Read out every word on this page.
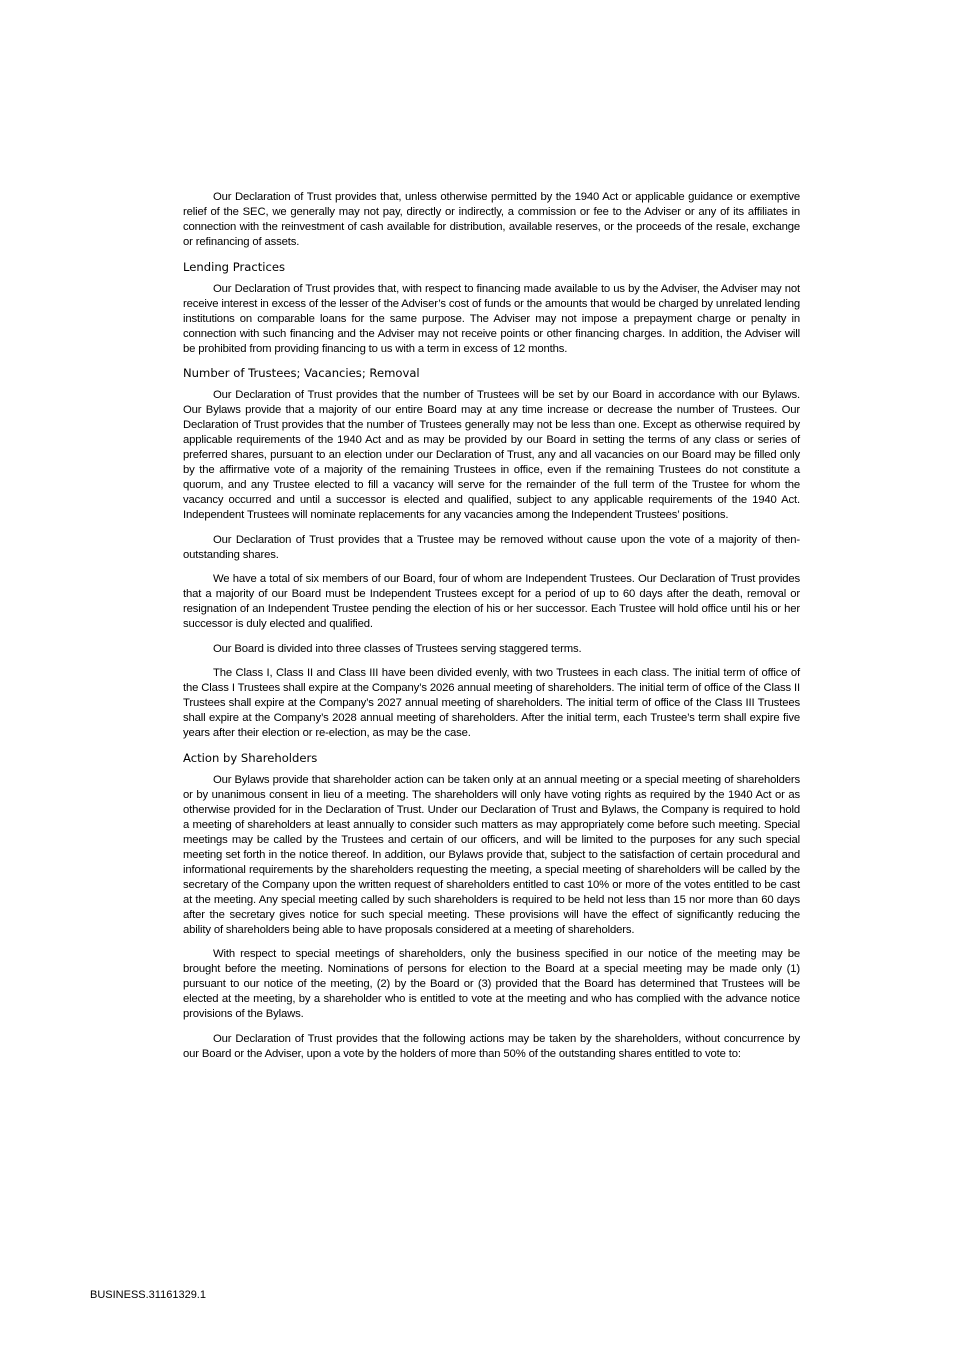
Our Declaration of Trust provides that, unless otherwise permitted by the 1940 Act or applicable guidance or exemptive relief of the SEC, we generally may not pay, directly or indirectly, a commission or fee to the Adviser or any of its affiliates in connection with the reinvestment of cash available for distribution, available reserves, or the proceeds of the resale, exchange or refinancing of assets.

Lending Practices

Our Declaration of Trust provides that, with respect to financing made available to us by the Adviser, the Adviser may not receive interest in excess of the lesser of the Adviser’s cost of funds or the amounts that would be charged by unrelated lending institutions on comparable loans for the same purpose. The Adviser may not impose a prepayment charge or penalty in connection with such financing and the Adviser may not receive points or other financing charges. In addition, the Adviser will be prohibited from providing financing to us with a term in excess of 12 months.

Number of Trustees; Vacancies; Removal

Our Declaration of Trust provides that the number of Trustees will be set by our Board in accordance with our Bylaws. Our Bylaws provide that a majority of our entire Board may at any time increase or decrease the number of Trustees. Our Declaration of Trust provides that the number of Trustees generally may not be less than one. Except as otherwise required by applicable requirements of the 1940 Act and as may be provided by our Board in setting the terms of any class or series of preferred shares, pursuant to an election under our Declaration of Trust, any and all vacancies on our Board may be filled only by the affirmative vote of a majority of the remaining Trustees in office, even if the remaining Trustees do not constitute a quorum, and any Trustee elected to fill a vacancy will serve for the remainder of the full term of the Trustee for whom the vacancy occurred and until a successor is elected and qualified, subject to any applicable requirements of the 1940 Act. Independent Trustees will nominate replacements for any vacancies among the Independent Trustees’ positions.

Our Declaration of Trust provides that a Trustee may be removed without cause upon the vote of a majority of then-outstanding shares.

We have a total of six members of our Board, four of whom are Independent Trustees. Our Declaration of Trust provides that a majority of our Board must be Independent Trustees except for a period of up to 60 days after the death, removal or resignation of an Independent Trustee pending the election of his or her successor. Each Trustee will hold office until his or her successor is duly elected and qualified.

Our Board is divided into three classes of Trustees serving staggered terms.

The Class I, Class II and Class III have been divided evenly, with two Trustees in each class. The initial term of office of the Class I Trustees shall expire at the Company’s 2026 annual meeting of shareholders. The initial term of office of the Class II Trustees shall expire at the Company’s 2027 annual meeting of shareholders. The initial term of office of the Class III Trustees shall expire at the Company’s 2028 annual meeting of shareholders. After the initial term, each Trustee’s term shall expire five years after their election or re-election, as may be the case.

Action by Shareholders

Our Bylaws provide that shareholder action can be taken only at an annual meeting or a special meeting of shareholders or by unanimous consent in lieu of a meeting. The shareholders will only have voting rights as required by the 1940 Act or as otherwise provided for in the Declaration of Trust. Under our Declaration of Trust and Bylaws, the Company is required to hold a meeting of shareholders at least annually to consider such matters as may appropriately come before such meeting. Special meetings may be called by the Trustees and certain of our officers, and will be limited to the purposes for any such special meeting set forth in the notice thereof. In addition, our Bylaws provide that, subject to the satisfaction of certain procedural and informational requirements by the shareholders requesting the meeting, a special meeting of shareholders will be called by the secretary of the Company upon the written request of shareholders entitled to cast 10% or more of the votes entitled to be cast at the meeting. Any special meeting called by such shareholders is required to be held not less than 15 nor more than 60 days after the secretary gives notice for such special meeting. These provisions will have the effect of significantly reducing the ability of shareholders being able to have proposals considered at a meeting of shareholders.

With respect to special meetings of shareholders, only the business specified in our notice of the meeting may be brought before the meeting. Nominations of persons for election to the Board at a special meeting may be made only (1) pursuant to our notice of the meeting, (2) by the Board or (3) provided that the Board has determined that Trustees will be elected at the meeting, by a shareholder who is entitled to vote at the meeting and who has complied with the advance notice provisions of the Bylaws.

Our Declaration of Trust provides that the following actions may be taken by the shareholders, without concurrence by our Board or the Adviser, upon a vote by the holders of more than 50% of the outstanding shares entitled to vote to:

BUSINESS.31161329.1
